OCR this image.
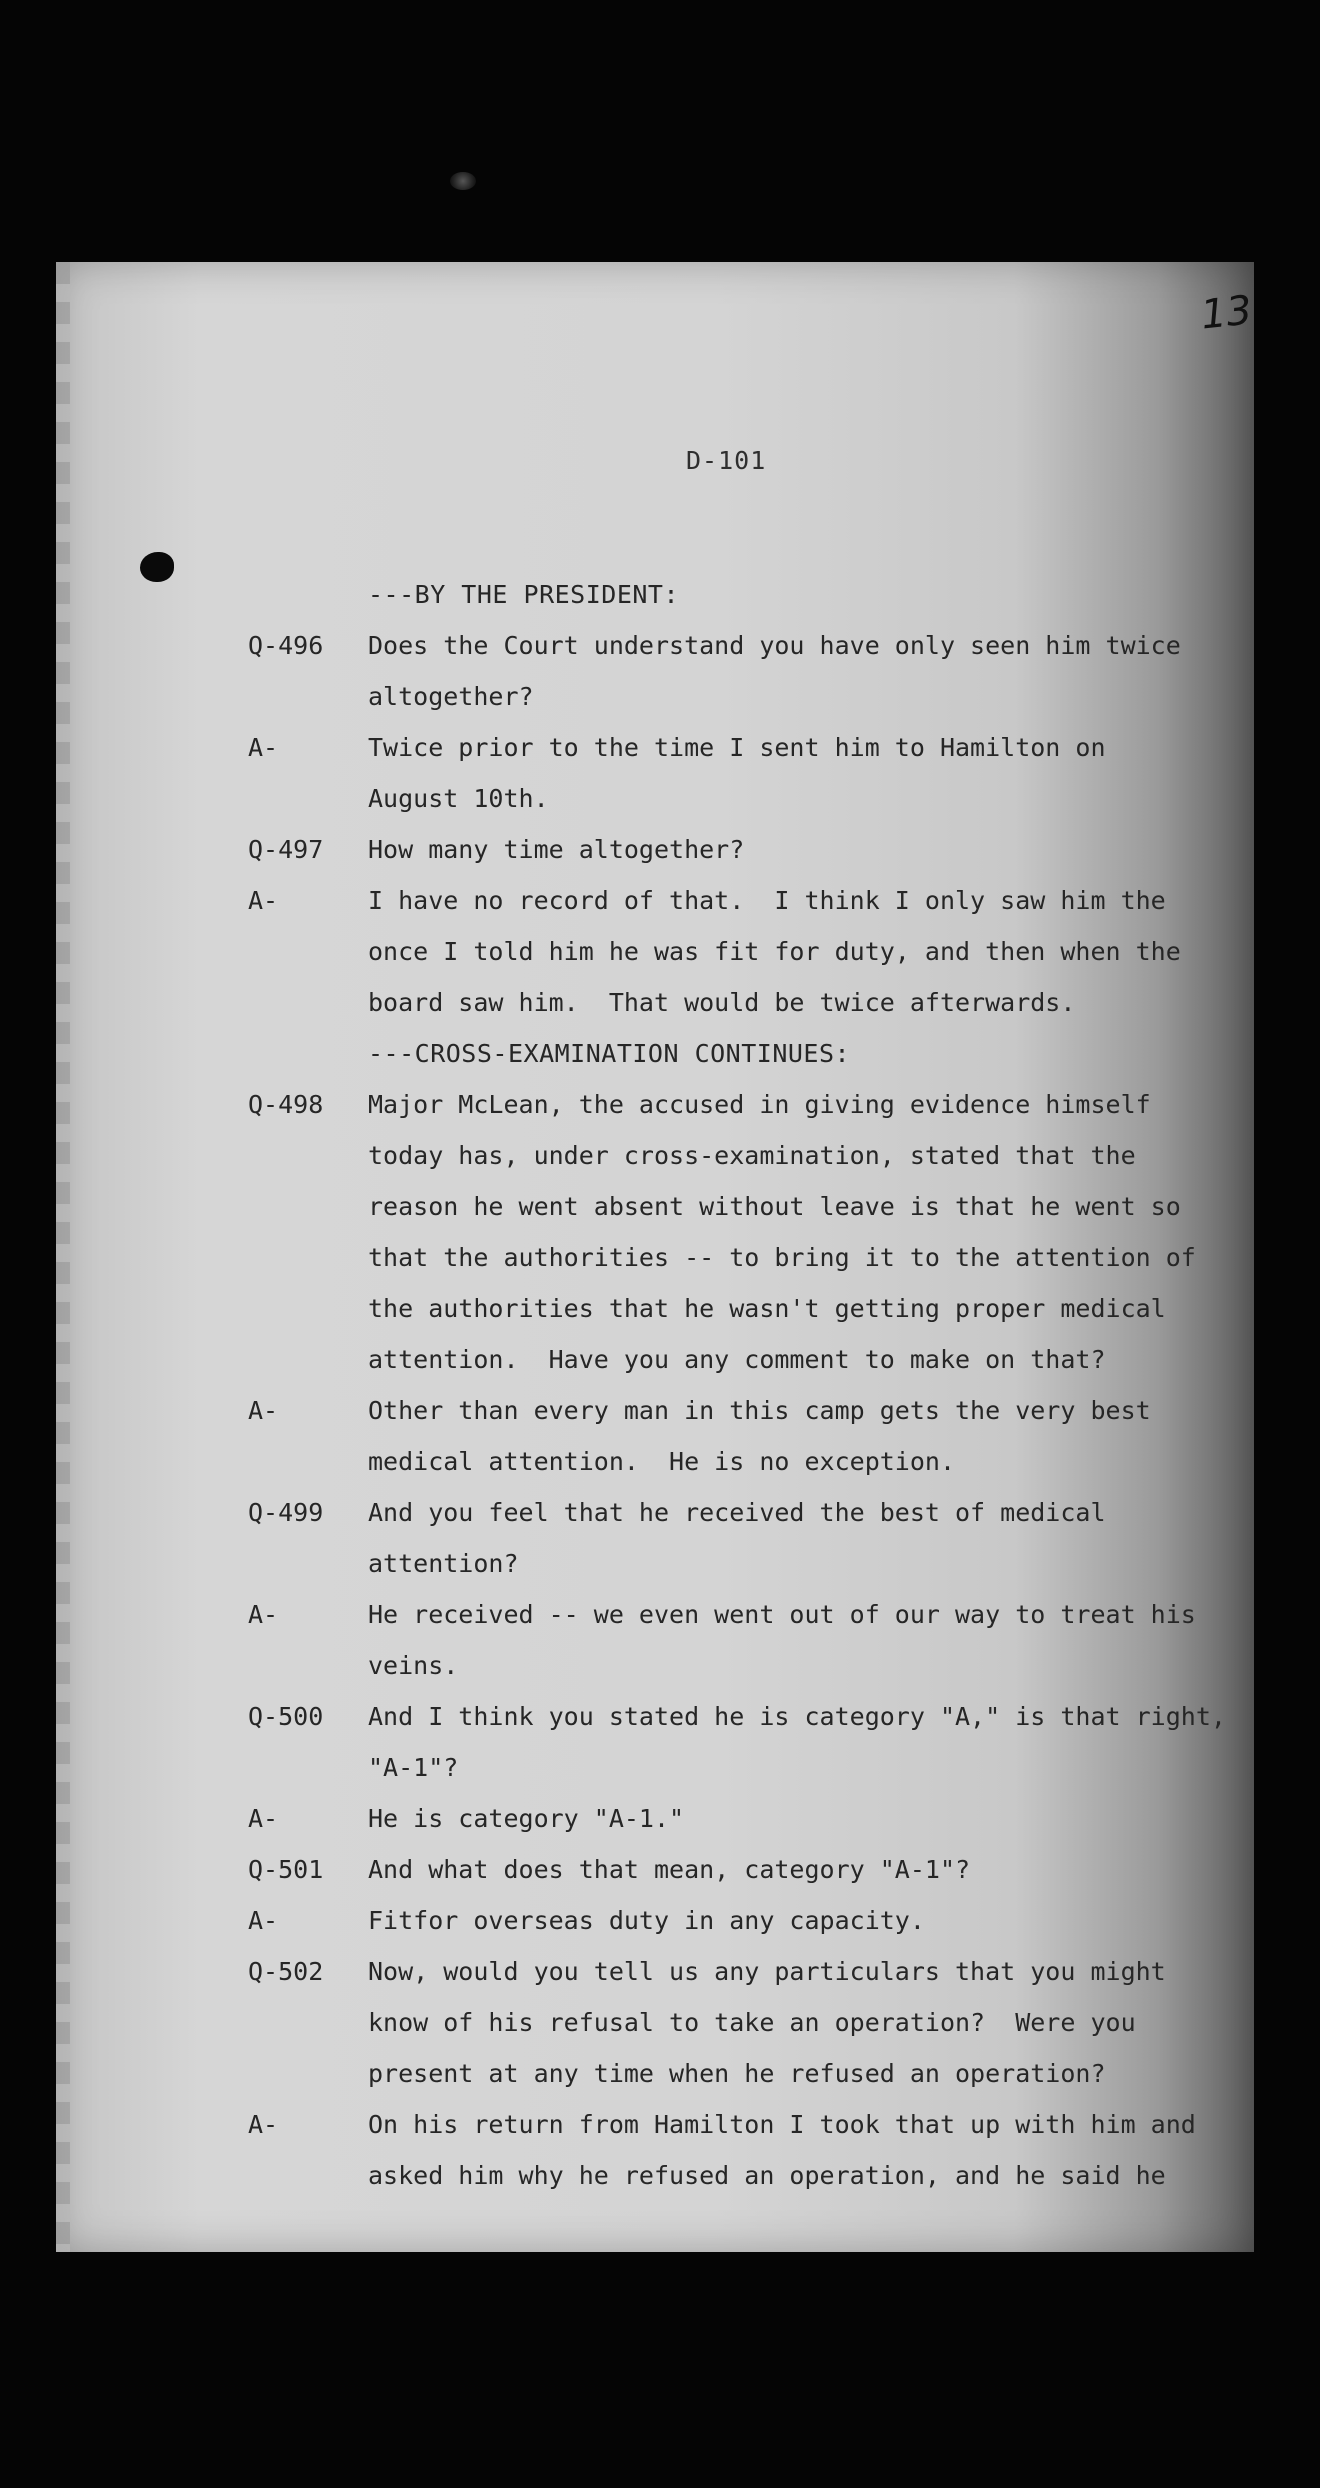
13
D-101
---BY THE PRESIDENT:
Q-496 Does the Court understand you have only seen him twice
altogether?
A-	Twice prior to the time I sent him to Hamilton on
August 10th.
Q-497 How many time altogether?
A-	I have no record of that.  I think I only saw him the
once I told him he was fit for duty, and then when the
board saw him.  That would be twice afterwards.
---CROSS-EXAMINATION CONTINUES:
Q-498 Major McLean, the accused in giving evidence himself
today has, under cross-examination, stated that the
reason he went absent without leave is that he went so
that the authorities -- to bring it to the attention of
the authorities that he wasn't getting proper medical
attention.  Have you any comment to make on that?
A-	Other than every man in this camp gets the very best
medical attention.  He is no exception.
Q-499 And you feel that he received the best of medical
attention?
A-	He received -- we even went out of our way to treat his
veins.
Q-500 And I think you stated he is category "A," is that right,
"A-1"?
A-	He is category "A-1."
Q-501 And what does that mean, category "A-1"?
A-	Fitfor overseas duty in any capacity.
Q-502 Now, would you tell us any particulars that you might
know of his refusal to take an operation?  Were you
present at any time when he refused an operation?
A-	On his return from Hamilton I took that up with him and
asked him why he refused an operation, and he said he
